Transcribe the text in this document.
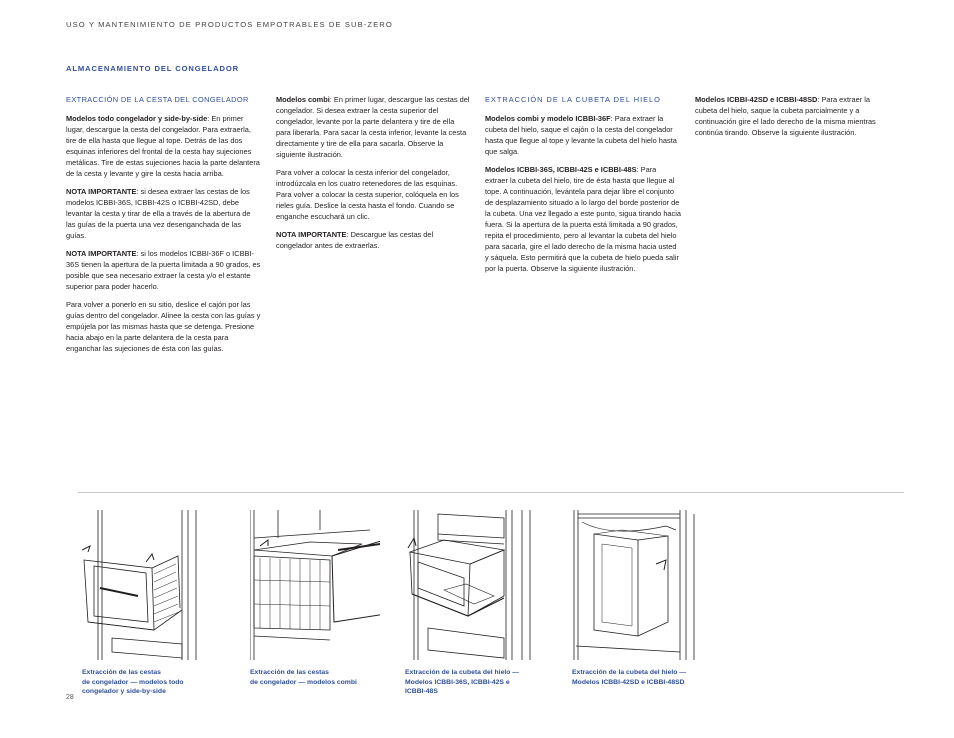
USO Y MANTENIMIENTO DE PRODUCTOS EMPOTRABLES DE SUB-ZERO
ALMACENAMIENTO DEL CONGELADOR

EXTRACCIÓN DE LA CESTA DEL CONGELADOR

Modelos todo congelador y side-by-side: En primer lugar, descargue la cesta del congelador. Para extraerla, tire de ella hasta que llegue al tope. Detrás de las dos esquinas inferiores del frontal de la cesta hay sujeciones metálicas. Tire de estas sujeciones hacia la parte delantera de la cesta y levante y gire la cesta hacia arriba.

NOTA IMPORTANTE: si desea extraer las cestas de los modelos ICBBI-36S, ICBBI-42S o ICBBI-42SD, debe levantar la cesta y tirar de ella a través de la abertura de las guías de la puerta una vez desenganchada de las guías.

NOTA IMPORTANTE: si los modelos ICBBI-36F o ICBBI-36S tienen la apertura de la puerta limitada a 90 grados, es posible que sea necesario extraer la cesta y/o el estante superior para poder hacerlo.

Para volver a ponerlo en su sitio, deslice el cajón por las guías dentro del congelador. Alinee la cesta con las guías y empújela por las mismas hasta que se detenga. Presione hacia abajo en la parte delantera de la cesta para enganchar las sujeciones de ésta con las guías.

Modelos combi: En primer lugar, descargue las cestas del congelador. Si desea extraer la cesta superior del congelador, levante por la parte delantera y tire de ella para liberarla. Para sacar la cesta inferior, levante la cesta directamente y tire de ella para sacarla. Observe la siguiente ilustración.

Para volver a colocar la cesta inferior del congelador, introdúzcala en los cuatro retenedores de las esquinas. Para volver a colocar la cesta superior, colóquela en los rieles guía. Deslice la cesta hasta el fondo. Cuando se enganche escuchará un clic.

NOTA IMPORTANTE: Descargue las cestas del congelador antes de extraerlas.

EXTRACCIÓN DE LA CUBETA DEL HIELO

Modelos combi y modelo ICBBI-36F: Para extraer la cubeta del hielo, saque el cajón o la cesta del congelador hasta que llegue al tope y levante la cubeta del hielo hasta que salga.

Modelos ICBBI-36S, ICBBI-42S e ICBBI-48S: Para extraer la cubeta del hielo, tire de ésta hasta que llegue al tope. A continuación, levántela para dejar libre el conjunto de desplazamiento situado a lo largo del borde posterior de la cubeta. Una vez llegado a este punto, sigua tirando hacia fuera. Si la apertura de la puerta está limitada a 90 grados, repita el procedimiento, pero al levantar la cubeta del hielo para sacarla, gire el lado derecho de la misma hacia usted y sáquela. Esto permitirá que la cubeta de hielo pueda salir por la puerta. Observe la siguiente ilustración.

Modelos ICBBI-42SD e ICBBI-48SD: Para extraer la cubeta del hielo, saque la cubeta parcialmente y a continuación gire el lado derecho de la misma mientras continúa tirando. Observe la siguiente ilustración.

Extracción de las cestas
de congelador — modelos todo
congelador y side-by-side
Extracción de las cestas
de congelador — modelos combi
Extracción de la cubeta del hielo —
Modelos ICBBI-36S, ICBBI-42S e
ICBBI-48S
Extracción de la cubeta del hielo —
Modelos ICBBI-42SD e ICBBI-48SD
28
